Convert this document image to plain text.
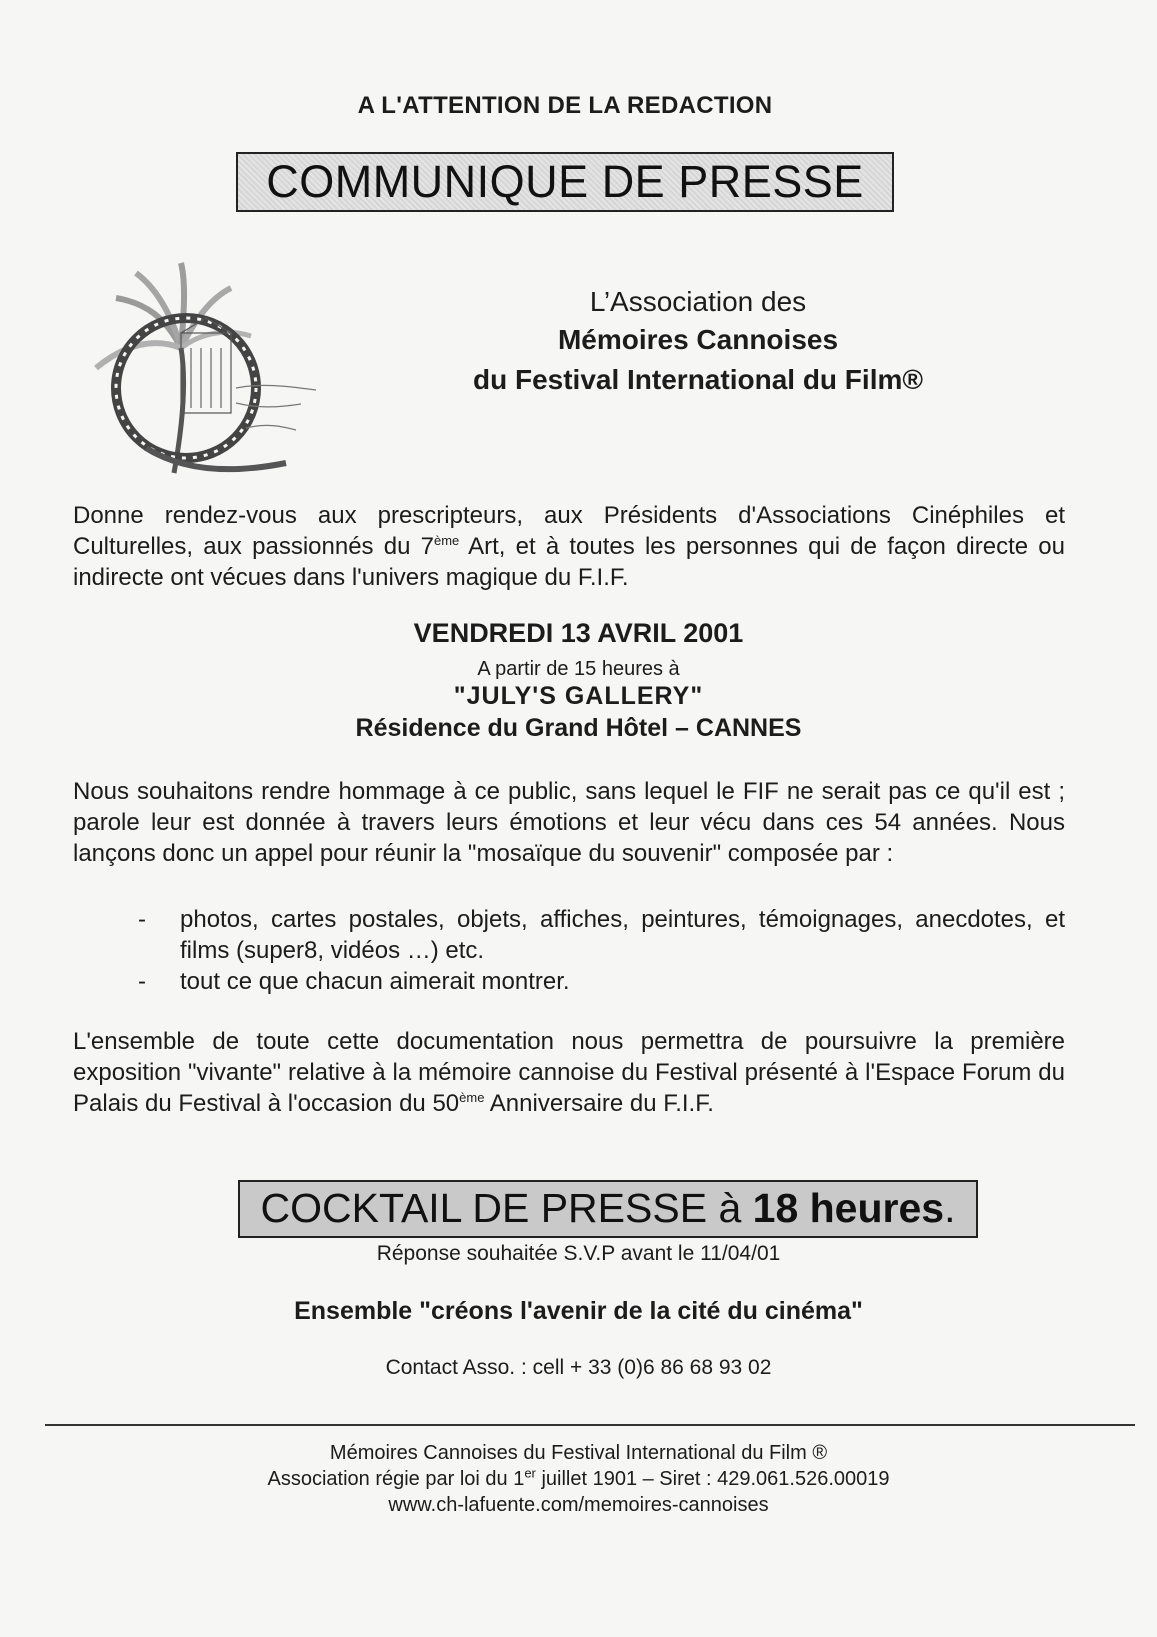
A L'ATTENTION DE LA REDACTION
COMMUNIQUE DE PRESSE
L’Association des
Mémoires Cannoises
du Festival International du Film®
Donne rendez-vous aux prescripteurs, aux Présidents d'Associations Cinéphiles et Culturelles, aux passionnés du 7ème Art, et à toutes les personnes qui de façon directe ou indirecte ont vécues dans l'univers magique du F.I.F.
VENDREDI 13 AVRIL 2001
A partir de 15 heures à
"JULY'S GALLERY"
Résidence du Grand Hôtel – CANNES
Nous souhaitons rendre hommage à ce public, sans lequel le FIF ne serait pas ce qu'il est ; parole leur est donnée à travers leurs émotions et leur vécu dans ces 54 années. Nous lançons donc un appel pour réunir la "mosaïque du souvenir" composée par :
-	photos, cartes postales, objets, affiches, peintures, témoignages, anecdotes, et films (super8, vidéos …) etc.
-	tout ce que chacun aimerait montrer.
L'ensemble de toute cette documentation nous permettra de poursuivre la première exposition "vivante" relative à la mémoire cannoise du Festival présenté à l'Espace Forum du Palais du Festival à l'occasion du 50ème Anniversaire du F.I.F.
COCKTAIL DE PRESSE à 18 heures.
Réponse souhaitée S.V.P avant le 11/04/01
Ensemble "créons l'avenir de la cité du cinéma"
Contact Asso. : cell + 33 (0)6 86 68 93 02
Mémoires Cannoises du Festival International du Film ®
Association régie par loi du 1er juillet 1901 – Siret : 429.061.526.00019
www.ch-lafuente.com/memoires-cannoises
